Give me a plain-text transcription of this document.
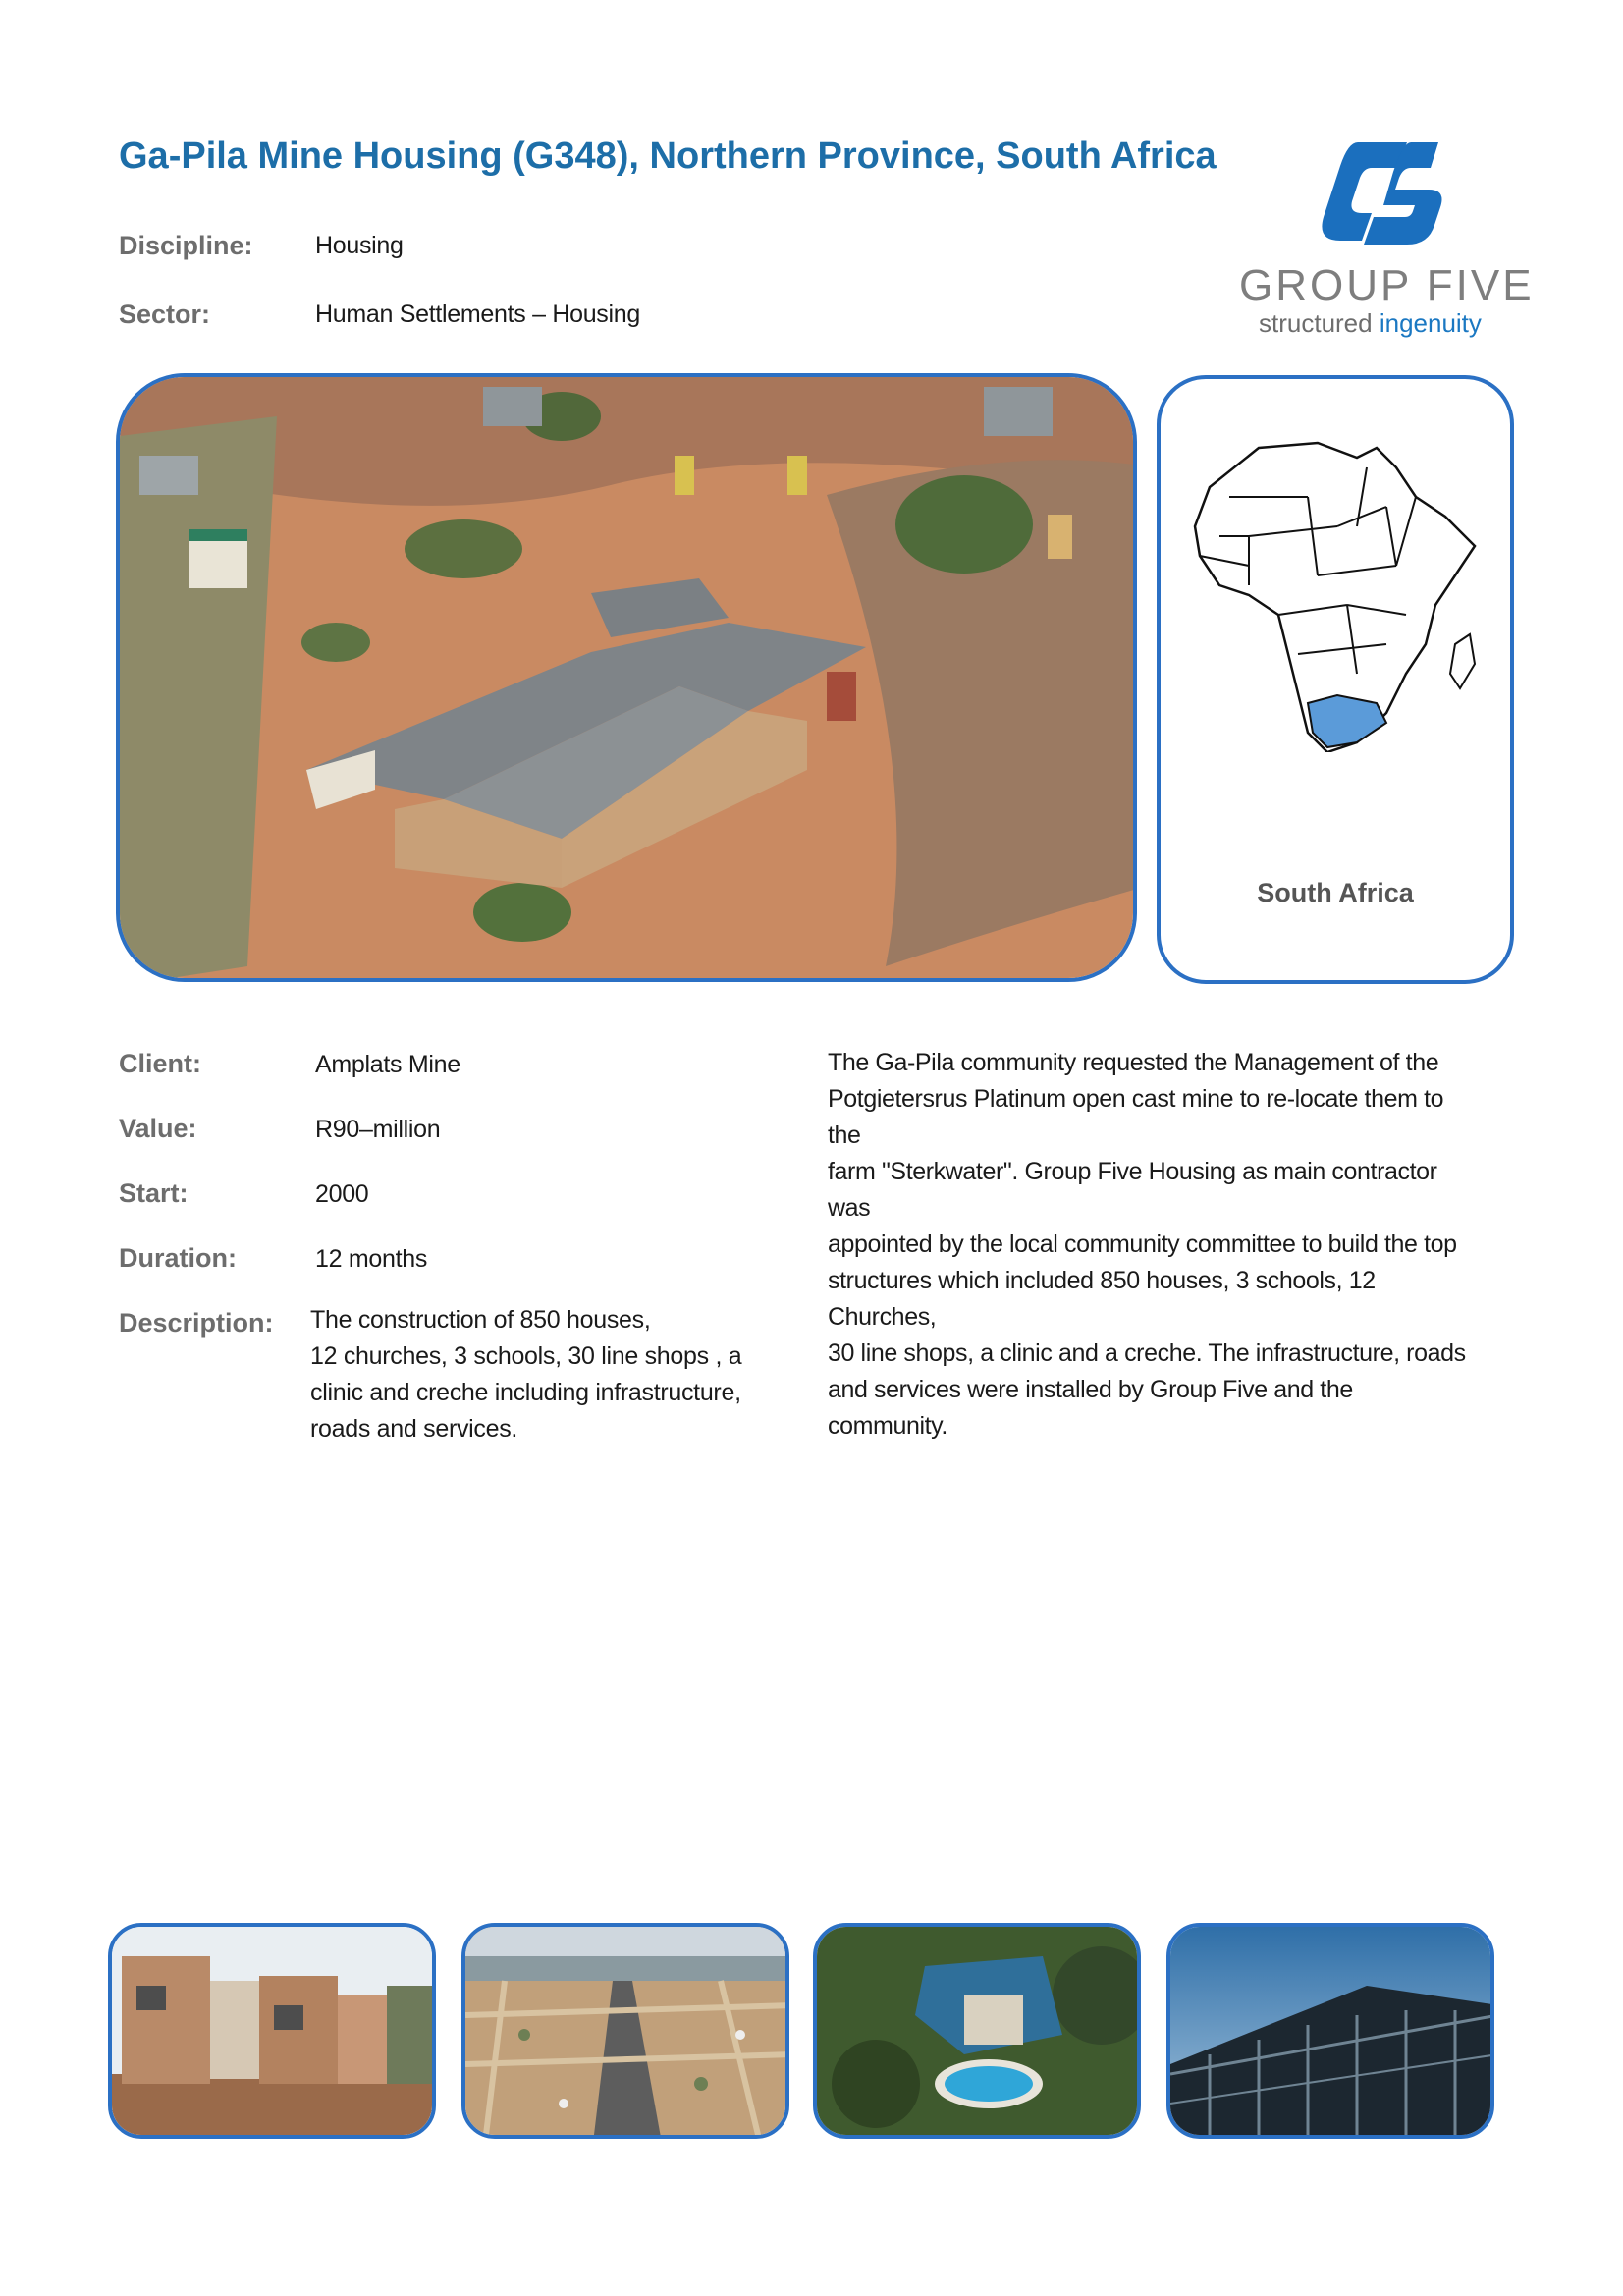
Ga-Pila Mine Housing (G348), Northern Province, South Africa
Discipline:	Housing
Sector:	Human Settlements – Housing
GROUP FIVE
structured ingenuity
South Africa
Client:	Amplats Mine
Value:	R90–million
Start:	2000
Duration:	12 months
Description: The construction of 850 houses,
12 churches, 3 schools, 30 line shops , a
clinic and creche including infrastructure,
roads and services.
The Ga-Pila community requested the Management of the
Potgietersrus Platinum open cast mine to re-locate them to the
farm "Sterkwater". Group Five Housing as main contractor was
appointed by the local community committee to build the top
structures which included 850 houses, 3 schools, 12 Churches,
30 line shops, a clinic and a creche. The infrastructure, roads
and services were installed by Group Five and the community.
